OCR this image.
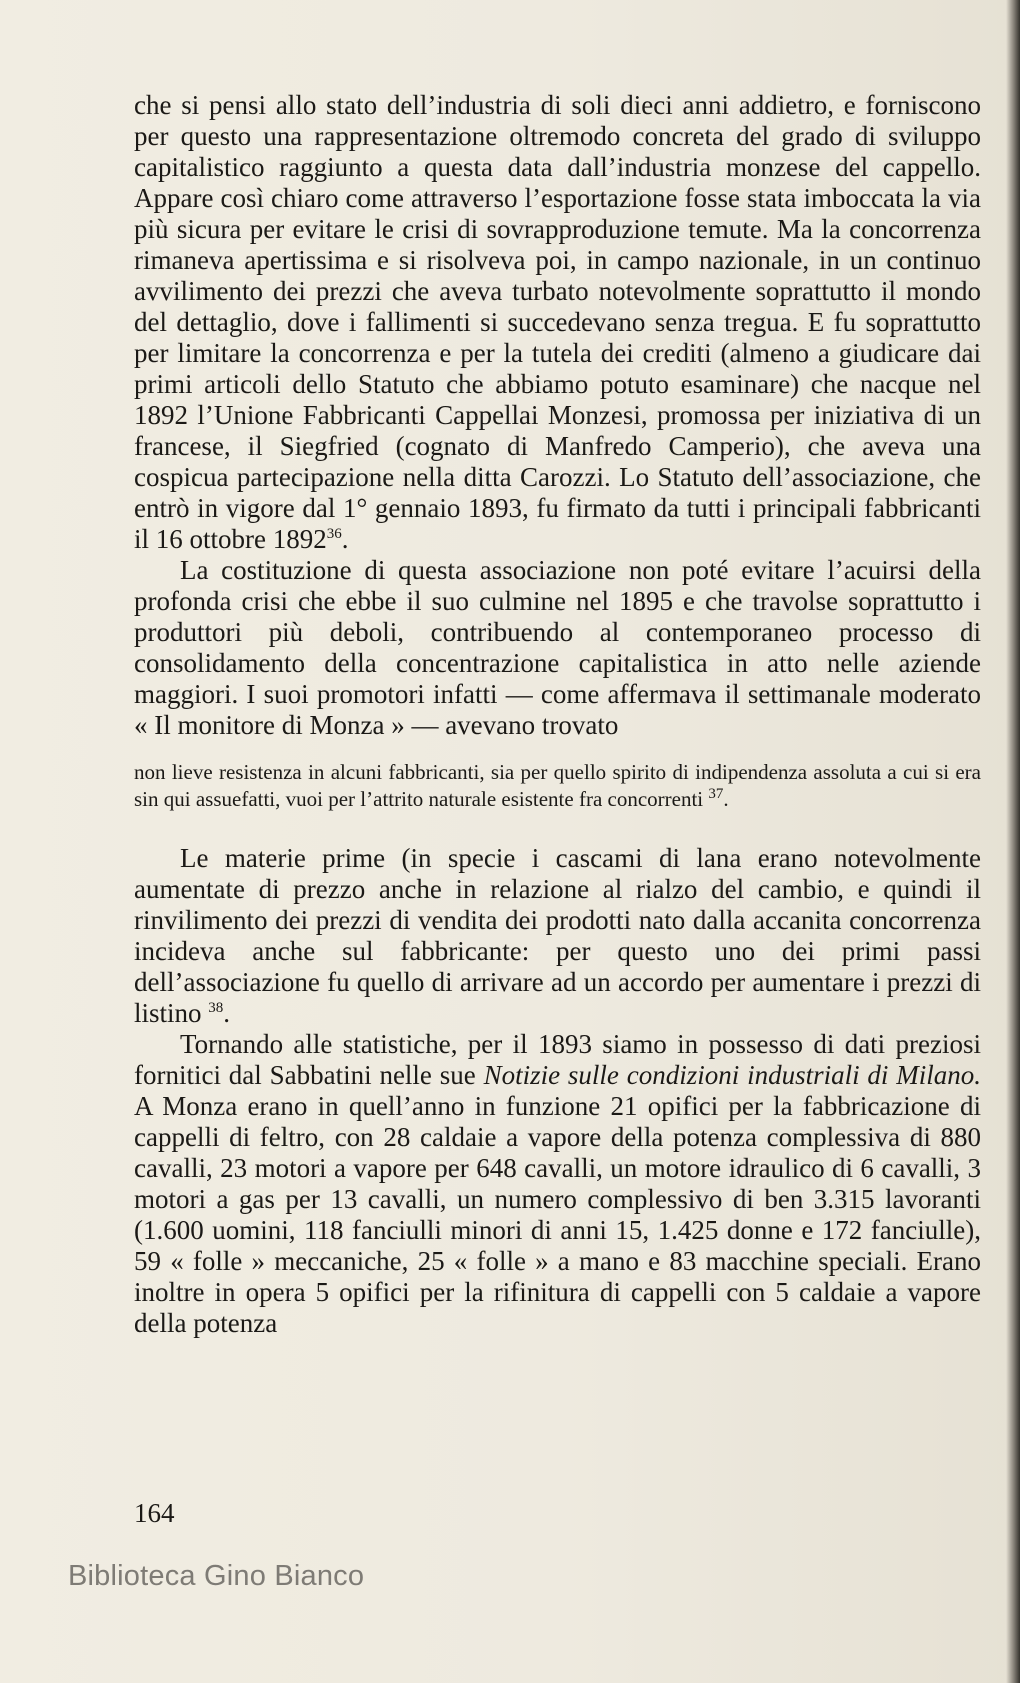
che si pensi allo stato dell’industria di soli dieci anni addietro, e forniscono per questo una rappresentazione oltremodo concreta del grado di sviluppo capitalistico raggiunto a questa data dall’industria monzese del cappello. Appare così chiaro come attraverso l’esportazione fosse stata imboccata la via più sicura per evitare le crisi di sovrapproduzione temute. Ma la concorrenza rimaneva apertissima e si risolveva poi, in campo nazionale, in un continuo avvilimento dei prezzi che aveva turbato notevolmente soprattutto il mondo del dettaglio, dove i fallimenti si succedevano senza tregua. E fu soprattutto per limitare la concorrenza e per la tutela dei crediti (almeno a giudicare dai primi articoli dello Statuto che abbiamo potuto esaminare) che nacque nel 1892 l’Unione Fabbricanti Cappellai Monzesi, promossa per iniziativa di un francese, il Siegfried (cognato di Manfredo Camperio), che aveva una cospicua partecipazione nella ditta Carozzi. Lo Statuto dell’associazione, che entrò in vigore dal 1° gennaio 1893, fu firmato da tutti i principali fabbricanti il 16 ottobre 1892$^{36}$.

La costituzione di questa associazione non poté evitare l’acuirsi della profonda crisi che ebbe il suo culmine nel 1895 e che travolse soprattutto i produttori più deboli, contribuendo al contemporaneo processo di consolidamento della concentrazione capitalistica in atto nelle aziende maggiori. I suoi promotori infatti — come affermava il settimanale moderato « Il monitore di Monza » — avevano trovato

non lieve resistenza in alcuni fabbricanti, sia per quello spirito di indipendenza assoluta a cui si era sin qui assuefatti, vuoi per l’attrito naturale esistente fra concorrenti $^{37}$.

Le materie prime (in specie i cascami di lana erano notevolmente aumentate di prezzo anche in relazione al rialzo del cambio, e quindi il rinvilimento dei prezzi di vendita dei prodotti nato dalla accanita concorrenza incideva anche sul fabbricante: per questo uno dei primi passi dell’associazione fu quello di arrivare ad un accordo per aumentare i prezzi di listino $^{38}$.

Tornando alle statistiche, per il 1893 siamo in possesso di dati preziosi fornitici dal Sabbatini nelle sue Notizie sulle condizioni industriali di Milano. A Monza erano in quell’anno in funzione 21 opifici per la fabbricazione di cappelli di feltro, con 28 caldaie a vapore della potenza complessiva di 880 cavalli, 23 motori a vapore per 648 cavalli, un motore idraulico di 6 cavalli, 3 motori a gas per 13 cavalli, un numero complessivo di ben 3.315 lavoranti (1.600 uomini, 118 fanciulli minori di anni 15, 1.425 donne e 172 fanciulle), 59 « folle » meccaniche, 25 « folle » a mano e 83 macchine speciali. Erano inoltre in opera 5 opifici per la rifinitura di cappelli con 5 caldaie a vapore della potenza

164
Biblioteca Gino Bianco
